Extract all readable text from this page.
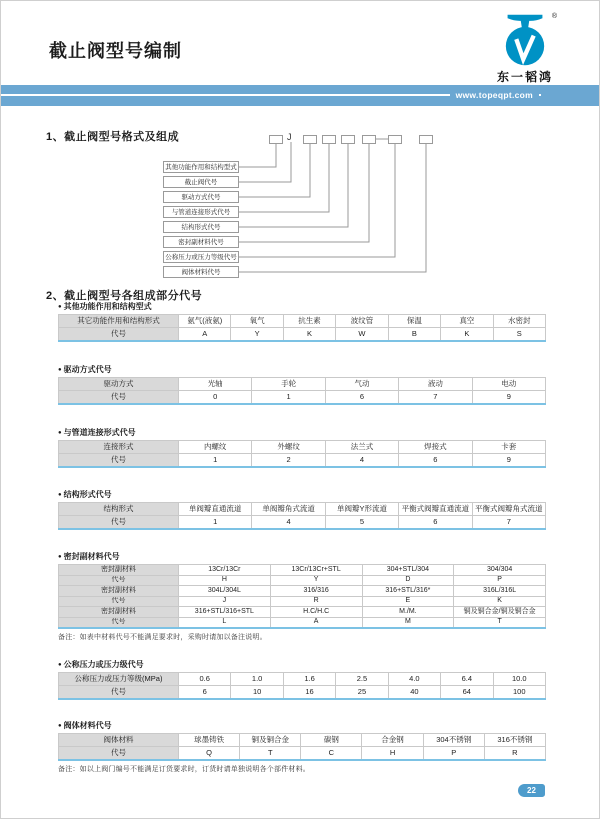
截止阀型号编制
®
东一韬鸿
www.topeqpt.com
1、截止阀型号格式及组成	J
其他功能作用和结构型式
截止阀代号
驱动方式代号
与管道连接形式代号
结构形式代号
密封副材料代号
公称压力或压力等级代号
阀体材料代号
2、截止阀型号各组成部分代号
● 其他功能作用和结构型式
其它功能作用和结构形式	氨气(液氨)	氧气	抗生素	波纹管	保温	真空	水密封
代号	A	Y	K	W	B	K	S
● 驱动方式代号
驱动方式	光轴	手轮	气动	液动	电动
代号	0	1	6	7	9
● 与管道连接形式代号
连接形式	内螺纹	外螺纹	法兰式	焊接式	卡套
代号	1	2	4	6	9
● 结构形式代号
结构形式	单阀瓣直通流道	单阀瓣角式流道	单阀瓣Y形流道	平衡式阀瓣直通流道	平衡式阀瓣角式流道
代号	1	4	5	6	7
● 密封副材料代号
密封副材料	13Cr/13Cr	13Cr/13Cr+STL	304+STL/304	304/304
代号	H	Y	D	P
密封副材料	304L/304L	316/316	316+STL/316*	316L/316L
代号	J	R	E	K
密封副材料	316+STL/316+STL	H.C/H.C	M./M.	铜及铜合金/铜及铜合金
代号	L	A	M	T
备注：如表中材料代号不能满足要求时，采购时请加以备注说明。
● 公称压力或压力级代号
公称压力或压力等级(MPa)	0.6	1.0	1.6	2.5	4.0	6.4	10.0
代号	6	10	16	25	40	64	100
● 阀体材料代号
阀体材料	球墨铸铁	铜及铜合金	碳钢	合金钢	304不锈钢	316不锈钢
代号	Q	T	C	H	P	R
备注：如以上阀门编号不能满足订货要求时，订货时请单独说明各个部件材料。
22
